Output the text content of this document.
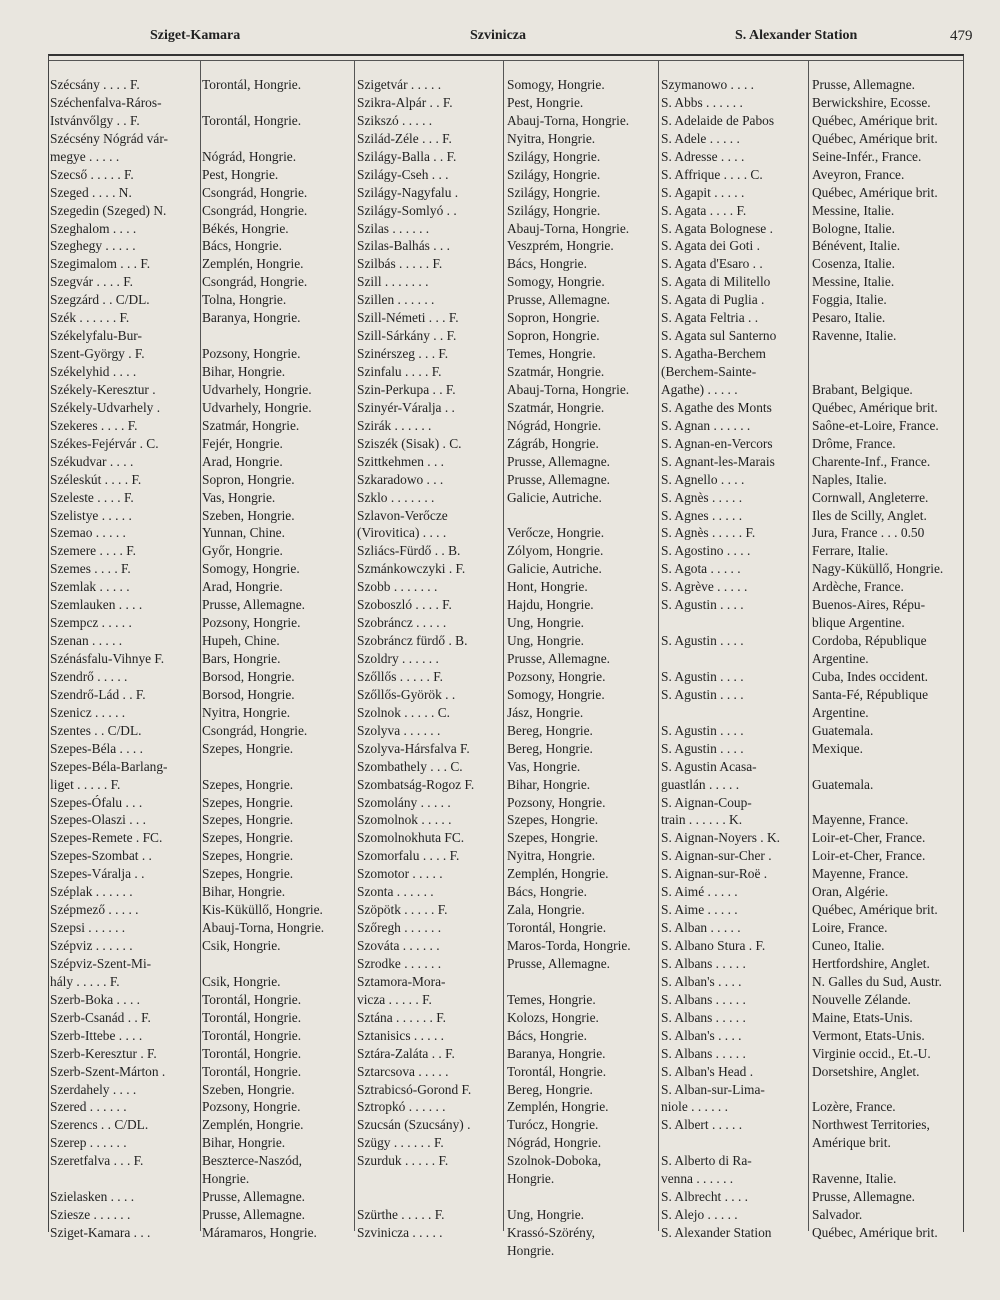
Sziget-Kamara	Szvinicza	S. Alexander Station	479
Szécsány . . . . F.	Torontál, Hongrie.
Széchenfalva-Ráros-
Istvánvőlgy . . F.	Torontál, Hongrie.
Szécsény Nógrád vár-
megye . . . . .	Nógrád, Hongrie.
Szecső . . . . . F.	Pest, Hongrie.
Szeged . . . . N.	Csongrád, Hongrie.
Szegedin (Szeged) N.	Csongrád, Hongrie.
Szeghalom . . . .	Békés, Hongrie.
Szeghegy . . . . .	Bács, Hongrie.
Szegimalom . . . F.	Zemplén, Hongrie.
Szegvár . . . . F.	Csongrád, Hongrie.
Szegzárd . . C/DL.	Tolna, Hongrie.
Szék . . . . . . F.	Baranya, Hongrie.
Székelyfalu-Bur-
Szent-György . F.	Pozsony, Hongrie.
Székelyhid . . . .	Bihar, Hongrie.
Székely-Keresztur .	Udvarhely, Hongrie.
Székely-Udvarhely .	Udvarhely, Hongrie.
Szekeres . . . . F.	Szatmár, Hongrie.
Székes-Fejérvár . C.	Fejér, Hongrie.
Székudvar . . . .	Arad, Hongrie.
Széleskút . . . . F.	Sopron, Hongrie.
Szeleste . . . . F.	Vas, Hongrie.
Szelistye . . . . .	Szeben, Hongrie.
Szemao . . . . .	Yunnan, Chine.
Szemere . . . . F.	Győr, Hongrie.
Szemes . . . . F.	Somogy, Hongrie.
Szemlak . . . . .	Arad, Hongrie.
Szemlauken . . . .	Prusse, Allemagne.
Szempcz . . . . .	Pozsony, Hongrie.
Szenan . . . . .	Hupeh, Chine.
Szénásfalu-Vihnye F.	Bars, Hongrie.
Szendrő . . . . .	Borsod, Hongrie.
Szendrő-Lád . . F.	Borsod, Hongrie.
Szenicz . . . . .	Nyitra, Hongrie.
Szentes . . C/DL.	Csongrád, Hongrie.
Szepes-Béla . . . .	Szepes, Hongrie.
Szepes-Béla-Barlang-
liget . . . . . F.	Szepes, Hongrie.
Szepes-Ófalu . . .	Szepes, Hongrie.
Szepes-Olaszi . . .	Szepes, Hongrie.
Szepes-Remete . FC.	Szepes, Hongrie.
Szepes-Szombat . .	Szepes, Hongrie.
Szepes-Váralja . .	Szepes, Hongrie.
Széplak . . . . . .	Bihar, Hongrie.
Szépmező . . . . .	Kis-Küküllő, Hongrie.
Szepsi . . . . . .	Abauj-Torna, Hongrie.
Szépviz . . . . . .	Csik, Hongrie.
Szépviz-Szent-Mi-
hály . . . . . F.	Csik, Hongrie.
Szerb-Boka . . . .	Torontál, Hongrie.
Szerb-Csanád . . F.	Torontál, Hongrie.
Szerb-Ittebe . . . .	Torontál, Hongrie.
Szerb-Keresztur . F.	Torontál, Hongrie.
Szerb-Szent-Márton .	Torontál, Hongrie.
Szerdahely . . . .	Szeben, Hongrie.
Szered . . . . . .	Pozsony, Hongrie.
Szerencs . . C/DL.	Zemplén, Hongrie.
Szerep . . . . . .	Bihar, Hongrie.
Szeretfalva . . . F.	Beszterce-Naszód,
Hongrie.
Szielasken . . . .	Prusse, Allemagne.
Sziesze . . . . . .	Prusse, Allemagne.
Sziget-Kamara . . .	Máramaros, Hongrie.
Szigetvár . . . . .	Somogy, Hongrie.
Szikra-Alpár . . F.	Pest, Hongrie.
Szikszó . . . . .	Abauj-Torna, Hongrie.
Szilád-Zéle . . . F.	Nyitra, Hongrie.
Szilágy-Balla . . F.	Szilágy, Hongrie.
Szilágy-Cseh . . .	Szilágy, Hongrie.
Szilágy-Nagyfalu .	Szilágy, Hongrie.
Szilágy-Somlyó . .	Szilágy, Hongrie.
Szilas . . . . . .	Abauj-Torna, Hongrie.
Szilas-Balhás . . .	Veszprém, Hongrie.
Szilbás . . . . . F.	Bács, Hongrie.
Szill . . . . . . .	Somogy, Hongrie.
Szillen . . . . . .	Prusse, Allemagne.
Szill-Németi . . . F.	Sopron, Hongrie.
Szill-Sárkány . . F.	Sopron, Hongrie.
Szinérszeg . . . F.	Temes, Hongrie.
Szinfalu . . . . F.	Szatmár, Hongrie.
Szin-Perkupa . . F.	Abauj-Torna, Hongrie.
Szinyér-Váralja . .	Szatmár, Hongrie.
Szirák . . . . . .	Nógrád, Hongrie.
Sziszék (Sisak) . C.	Zágráb, Hongrie.
Szittkehmen . . .	Prusse, Allemagne.
Szkaradowo . . .	Prusse, Allemagne.
Szklo . . . . . . .	Galicie, Autriche.
Szlavon-Verőcze
(Virovitica) . . . .	Verőcze, Hongrie.
Szliács-Fürdő . . B.	Zólyom, Hongrie.
Szmánkowczyki . F.	Galicie, Autriche.
Szobb . . . . . . .	Hont, Hongrie.
Szoboszló . . . . F.	Hajdu, Hongrie.
Szobráncz . . . . .	Ung, Hongrie.
Szobráncz fürdő . B.	Ung, Hongrie.
Szoldry . . . . . .	Prusse, Allemagne.
Szőllős . . . . . F.	Pozsony, Hongrie.
Szőllős-Györök . .	Somogy, Hongrie.
Szolnok . . . . . C.	Jász, Hongrie.
Szolyva . . . . . .	Bereg, Hongrie.
Szolyva-Hársfalva F.	Bereg, Hongrie.
Szombathely . . . C.	Vas, Hongrie.
Szombatság-Rogoz F. Bihar, Hongrie.
Szomolány . . . . .	Pozsony, Hongrie.
Szomolnok . . . . .	Szepes, Hongrie.
Szomolnokhuta FC.	Szepes, Hongrie.
Szomorfalu . . . . F.	Nyitra, Hongrie.
Szomotor . . . . .	Zemplén, Hongrie.
Szonta . . . . . .	Bács, Hongrie.
Szöpötk . . . . . F.	Zala, Hongrie.
Szőregh . . . . . .	Torontál, Hongrie.
Szováta . . . . . .	Maros-Torda, Hongrie.
Szrodke . . . . . .	Prusse, Allemagne.
Sztamora-Mora-
vicza . . . . . F.	Temes, Hongrie.
Sztána . . . . . . F.	Kolozs, Hongrie.
Sztanisics . . . . .	Bács, Hongrie.
Sztára-Zaláta . . F.	Baranya, Hongrie.
Sztarcsova . . . . .	Torontál, Hongrie.
Sztrabicsó-Gorond F.	Bereg, Hongrie.
Sztropkó . . . . . .	Zemplén, Hongrie.
Szucsán (Szucsány) .	Turócz, Hongrie.
Szügy . . . . . . F.	Nógrád, Hongrie.
Szurduk . . . . . F.	Szolnok-Doboka,
Hongrie.
Szürthe . . . . . F.	Ung, Hongrie.
Szvinicza . . . . .	Krassó-Szörény,
Hongrie.
Szymanowo . . . .	Prusse, Allemagne.
S. Abbs . . . . . .	Berwickshire, Ecosse.
S. Adelaide de Pabos	Québec, Amérique brit.
S. Adele . . . . .	Québec, Amérique brit.
S. Adresse . . . .	Seine-Infér., France.
S. Affrique . . . . C.	Aveyron, France.
S. Agapit . . . . .	Québec, Amérique brit.
S. Agata . . . . F.	Messine, Italie.
S. Agata Bolognese .	Bologne, Italie.
S. Agata dei Goti .	Bénévent, Italie.
S. Agata d'Esaro . .	Cosenza, Italie.
S. Agata di Militello	Messine, Italie.
S. Agata di Puglia .	Foggia, Italie.
S. Agata Feltria . .	Pesaro, Italie.
S. Agata sul Santerno	Ravenne, Italie.
S. Agatha-Berchem
(Berchem-Sainte-
Agathe) . . . . .	Brabant, Belgique.
S. Agathe des Monts	Québec, Amérique brit.
S. Agnan . . . . . .	Saône-et-Loire, France.
S. Agnan-en-Vercors	Drôme, France.
S. Agnant-les-Marais	Charente-Inf., France.
S. Agnello . . . .	Naples, Italie.
S. Agnès . . . . .	Cornwall, Angleterre.
S. Agnes . . . . .	Iles de Scilly, Anglet.
S. Agnès . . . . . F.	Jura, France . . . 0.50
S. Agostino . . . .	Ferrare, Italie.
S. Agota . . . . .	Nagy-Küküllő, Hongrie.
S. Agrève . . . . .	Ardèche, France.
S. Agustin . . . .	Buenos-Aires, Répu-
blique Argentine.
S. Agustin . . . .	Cordoba, République
Argentine.
S. Agustin . . . .	Cuba, Indes occident.
S. Agustin . . . .	Santa-Fé, République
Argentine.
S. Agustin . . . .	Guatemala.
S. Agustin . . . .	Mexique.
S. Agustin Acasa-
guastlán . . . . .	Guatemala.
S. Aignan-Coup-
train . . . . . . K.	Mayenne, France.
S. Aignan-Noyers . K. Loir-et-Cher, France.
S. Aignan-sur-Cher .	Loir-et-Cher, France.
S. Aignan-sur-Roë .	Mayenne, France.
S. Aimé . . . . .	Oran, Algérie.
S. Aime . . . . .	Québec, Amérique brit.
S. Alban . . . . .	Loire, France.
S. Albano Stura . F.	Cuneo, Italie.
S. Albans . . . . .	Hertfordshire, Anglet.
S. Alban's . . . .	N. Galles du Sud, Austr.
S. Albans . . . . .	Nouvelle Zélande.
S. Albans . . . . .	Maine, Etats-Unis.
S. Alban's . . . .	Vermont, Etats-Unis.
S. Albans . . . . .	Virginie occid., Et.-U.
S. Alban's Head .	Dorsetshire, Anglet.
S. Alban-sur-Lima-
niole . . . . . .	Lozère, France.
S. Albert . . . . .	Northwest Territories,
Amérique brit.
S. Alberto di Ra-
venna . . . . . .	Ravenne, Italie.
S. Albrecht . . . .	Prusse, Allemagne.
S. Alejo . . . . .	Salvador.
S. Alexander Station	Québec, Amérique brit.
